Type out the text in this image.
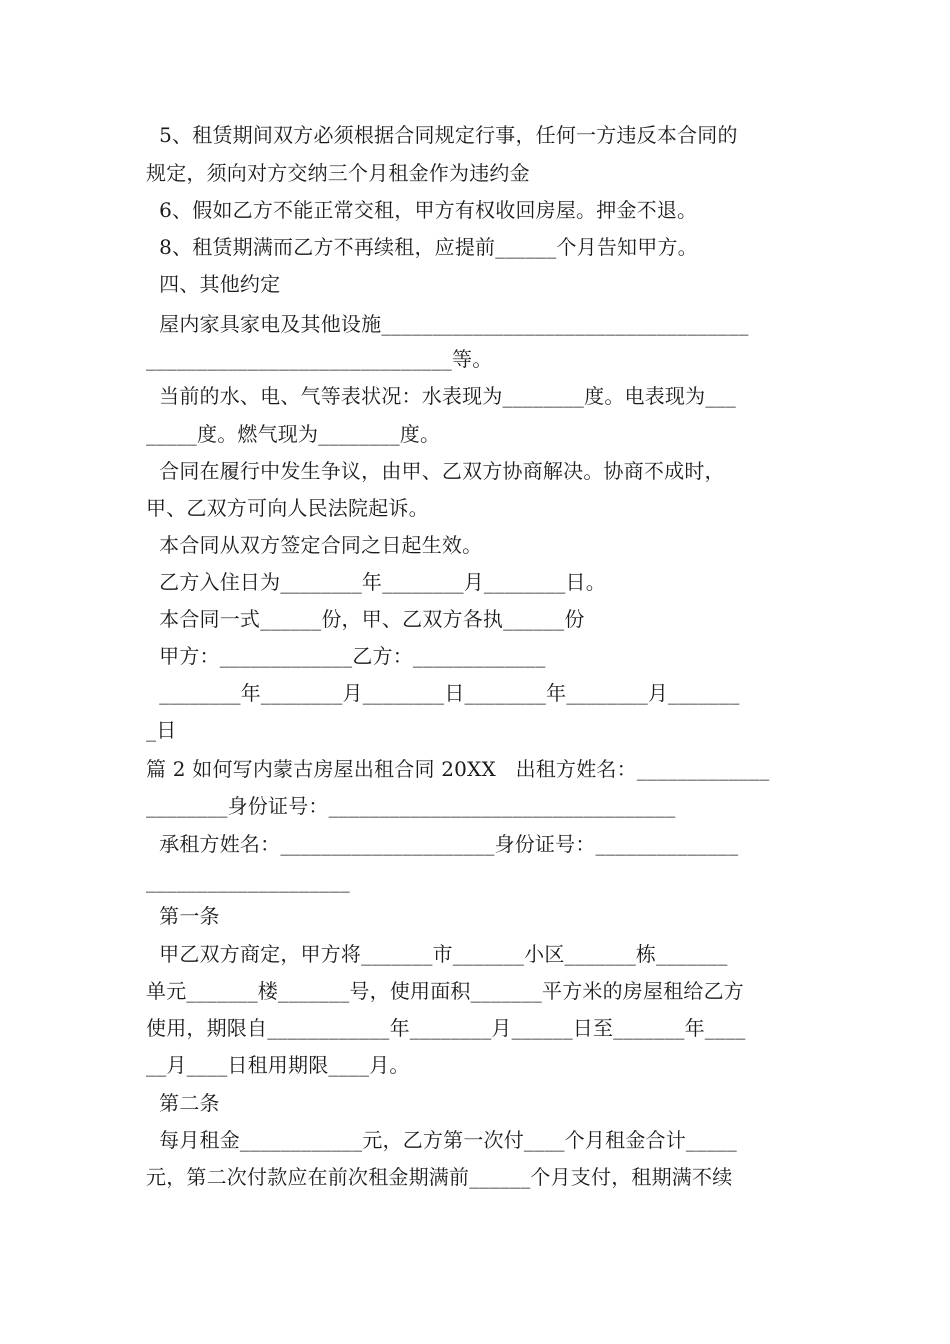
5、租赁期间双方必须根据合同规定行事，任何一方违反本合同的
规定，须向对方交纳三个月租金作为违约金
6、假如乙方不能正常交租，甲方有权收回房屋。押金不退。
8、租赁期满而乙方不再续租，应提前______个月告知甲方。
四、其他约定
屋内家具家电及其他设施____________________________________
______________________________等。
当前的水、电、气等表状况：水表现为________度。电表现为___
_____度。燃气现为________度。
合同在履行中发生争议，由甲、乙双方协商解决。协商不成时，
甲、乙双方可向人民法院起诉。
本合同从双方签定合同之日起生效。
乙方入住日为________年________月________日。
本合同一式______份，甲、乙双方各执______份
甲方：_____________乙方：_____________
________年________月________日________年________月_______
_日
篇 2 如何写内蒙古房屋出租合同 20XX   出租方姓名：_____________
________身份证号：__________________________________
承租方姓名：_____________________身份证号：______________
____________________
第一条
甲乙双方商定，甲方将_______市_______小区_______栋_______
单元_______楼_______号，使用面积_______平方米的房屋租给乙方
使用，期限自____________年________月______日至_______年____
__月____日租用期限____月。
第二条
每月租金____________元，乙方第一次付____个月租金合计_____
元，第二次付款应在前次租金期满前______个月支付，租期满不续
